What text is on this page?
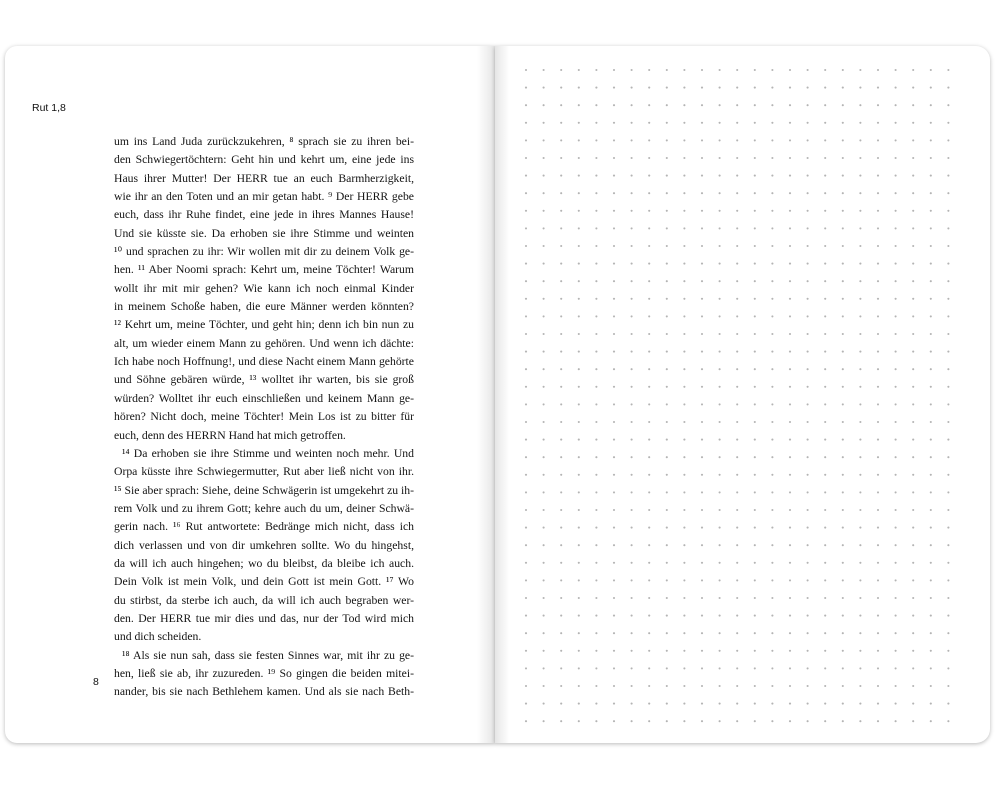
Rut 1,8
um ins Land Juda zurückzukehren, ⁸ sprach sie zu ihren bei-
den Schwiegertöchtern: Geht hin und kehrt um, eine jede ins
Haus ihrer Mutter! Der HERR tue an euch Barmherzigkeit,
wie ihr an den Toten und an mir getan habt. ⁹ Der HERR gebe
euch, dass ihr Ruhe findet, eine jede in ihres Mannes Hause!
Und sie küsste sie. Da erhoben sie ihre Stimme und weinten
¹⁰ und sprachen zu ihr: Wir wollen mit dir zu deinem Volk ge-
hen. ¹¹ Aber Noomi sprach: Kehrt um, meine Töchter! Warum
wollt ihr mit mir gehen? Wie kann ich noch einmal Kinder
in meinem Schoße haben, die eure Männer werden könnten?
¹² Kehrt um, meine Töchter, und geht hin; denn ich bin nun zu
alt, um wieder einem Mann zu gehören. Und wenn ich dächte:
Ich habe noch Hoffnung!, und diese Nacht einem Mann gehörte
und Söhne gebären würde, ¹³ wolltet ihr warten, bis sie groß
würden? Wolltet ihr euch einschließen und keinem Mann ge-
hören? Nicht doch, meine Töchter! Mein Los ist zu bitter für
euch, denn des HERRN Hand hat mich getroffen.
¹⁴ Da erhoben sie ihre Stimme und weinten noch mehr. Und
Orpa küsste ihre Schwiegermutter, Rut aber ließ nicht von ihr.
¹⁵ Sie aber sprach: Siehe, deine Schwägerin ist umgekehrt zu ih-
rem Volk und zu ihrem Gott; kehre auch du um, deiner Schwä-
gerin nach. ¹⁶ Rut antwortete: Bedränge mich nicht, dass ich
dich verlassen und von dir umkehren sollte. Wo du hingehst,
da will ich auch hingehen; wo du bleibst, da bleibe ich auch.
Dein Volk ist mein Volk, und dein Gott ist mein Gott. ¹⁷ Wo
du stirbst, da sterbe ich auch, da will ich auch begraben wer-
den. Der HERR tue mir dies und das, nur der Tod wird mich
und dich scheiden.
¹⁸ Als sie nun sah, dass sie festen Sinnes war, mit ihr zu ge-
hen, ließ sie ab, ihr zuzureden. ¹⁹ So gingen die beiden mitei-
nander, bis sie nach Bethlehem kamen. Und als sie nach Beth-
8
